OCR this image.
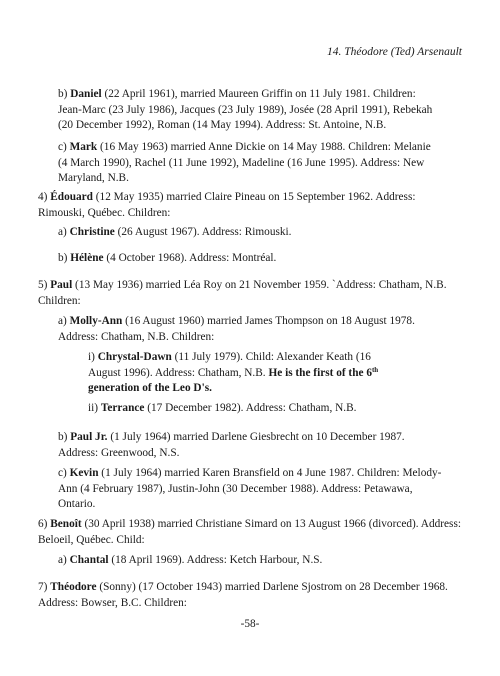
14. Théodore (Ted) Arsenault
b) Daniel (22 April 1961), married Maureen Griffin on 11 July 1981. Children:
Jean-Marc (23 July 1986), Jacques (23 July 1989), Josée (28 April 1991), Rebekah
(20 December 1992), Roman (14 May 1994). Address: St. Antoine, N.B.
c) Mark (16 May 1963) married Anne Dickie on 14 May 1988. Children: Melanie
(4 March 1990), Rachel (11 June 1992), Madeline (16 June 1995). Address: New
Maryland, N.B.
4) Édouard (12 May 1935) married Claire Pineau on 15 September 1962. Address:
Rimouski, Québec. Children:
a) Christine (26 August 1967). Address: Rimouski.
b) Hélène (4 October 1968). Address: Montréal.
5) Paul (13 May 1936) married Léa Roy on 21 November 1959. `Address: Chatham, N.B.
Children:
a) Molly-Ann (16 August 1960) married James Thompson on 18 August 1978.
Address: Chatham, N.B. Children:
i) Chrystal-Dawn (11 July 1979). Child: Alexander Keath (16
August 1996). Address: Chatham, N.B. He is the first of the 6th
generation of the Leo D's.
ii) Terrance (17 December 1982). Address: Chatham, N.B.
b) Paul Jr. (1 July 1964) married Darlene Giesbrecht on 10 December 1987.
Address: Greenwood, N.S.
c) Kevin (1 July 1964) married Karen Bransfield on 4 June 1987. Children: Melody-
Ann (4 February 1987), Justin-John (30 December 1988). Address: Petawawa,
Ontario.
6) Benoît (30 April 1938) married Christiane Simard on 13 August 1966 (divorced). Address:
Beloeil, Québec. Child:
a) Chantal (18 April 1969). Address: Ketch Harbour, N.S.
7) Théodore (Sonny) (17 October 1943) married Darlene Sjostrom on 28 December 1968.
Address: Bowser, B.C. Children:
-58-
